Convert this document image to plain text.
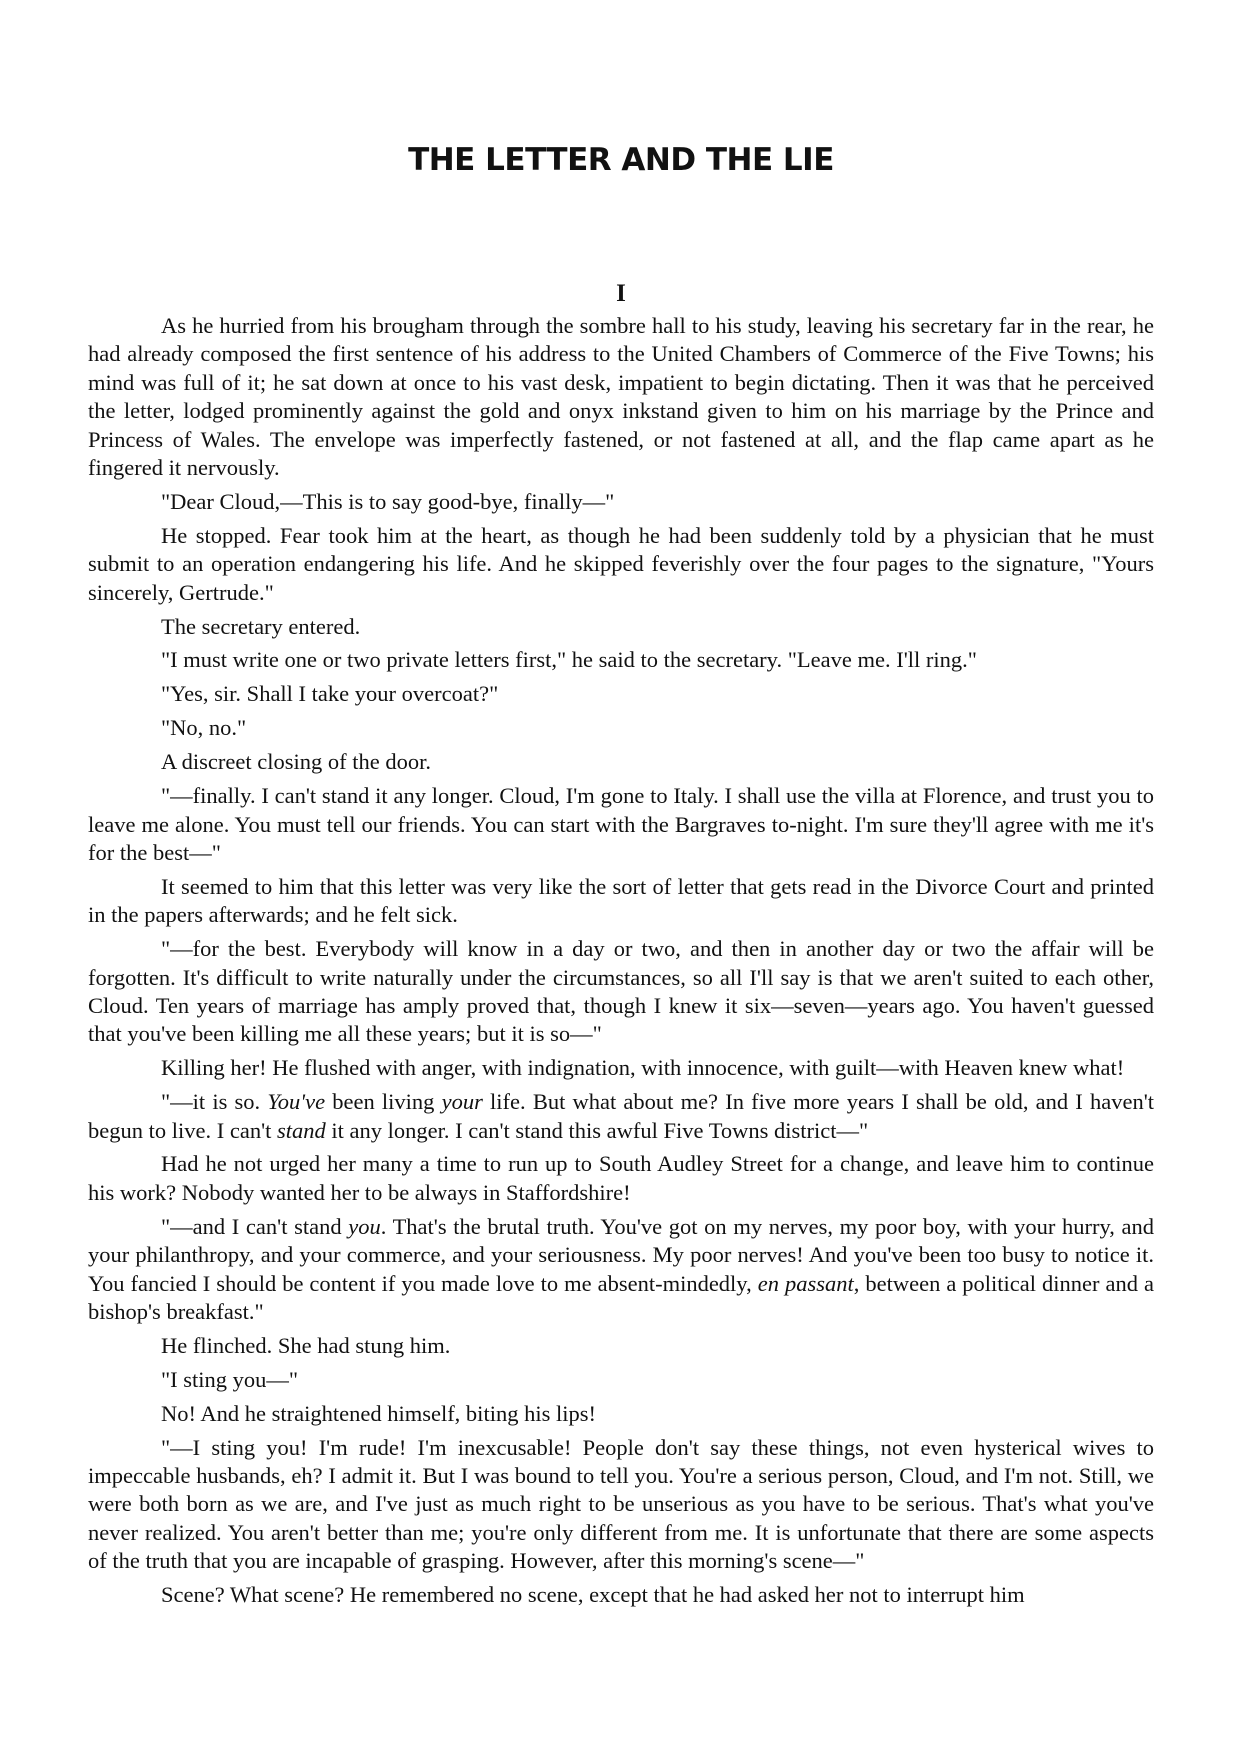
THE LETTER AND THE LIE
I

As he hurried from his brougham through the sombre hall to his study, leaving his secretary far in the rear, he had already composed the first sentence of his address to the United Chambers of Commerce of the Five Towns; his mind was full of it; he sat down at once to his vast desk, impatient to begin dictating. Then it was that he perceived the letter, lodged prominently against the gold and onyx inkstand given to him on his marriage by the Prince and Princess of Wales. The envelope was imperfectly fastened, or not fastened at all, and the flap came apart as he fingered it nervously.

"Dear Cloud,—This is to say good-bye, finally—"

He stopped. Fear took him at the heart, as though he had been suddenly told by a physician that he must submit to an operation endangering his life. And he skipped feverishly over the four pages to the signature, "Yours sincerely, Gertrude."

The secretary entered.

"I must write one or two private letters first," he said to the secretary. "Leave me. I'll ring."

"Yes, sir. Shall I take your overcoat?"

"No, no."

A discreet closing of the door.

"—finally. I can't stand it any longer. Cloud, I'm gone to Italy. I shall use the villa at Florence, and trust you to leave me alone. You must tell our friends. You can start with the Bargraves to-night. I'm sure they'll agree with me it's for the best—"

It seemed to him that this letter was very like the sort of letter that gets read in the Divorce Court and printed in the papers afterwards; and he felt sick.

"—for the best. Everybody will know in a day or two, and then in another day or two the affair will be forgotten. It's difficult to write naturally under the circumstances, so all I'll say is that we aren't suited to each other, Cloud. Ten years of marriage has amply proved that, though I knew it six—seven—years ago. You haven't guessed that you've been killing me all these years; but it is so—"

Killing her! He flushed with anger, with indignation, with innocence, with guilt—with Heaven knew what!

"—it is so. You've been living your life. But what about me? In five more years I shall be old, and I haven't begun to live. I can't stand it any longer. I can't stand this awful Five Towns district—"

Had he not urged her many a time to run up to South Audley Street for a change, and leave him to continue his work? Nobody wanted her to be always in Staffordshire!

"—and I can't stand you. That's the brutal truth. You've got on my nerves, my poor boy, with your hurry, and your philanthropy, and your commerce, and your seriousness. My poor nerves! And you've been too busy to notice it. You fancied I should be content if you made love to me absent-mindedly, en passant, between a political dinner and a bishop's breakfast."

He flinched. She had stung him.

"I sting you—"

No! And he straightened himself, biting his lips!

"—I sting you! I'm rude! I'm inexcusable! People don't say these things, not even hysterical wives to impeccable husbands, eh? I admit it. But I was bound to tell you. You're a serious person, Cloud, and I'm not. Still, we were both born as we are, and I've just as much right to be unserious as you have to be serious. That's what you've never realized. You aren't better than me; you're only different from me. It is unfortunate that there are some aspects of the truth that you are incapable of grasping. However, after this morning's scene—"

Scene? What scene? He remembered no scene, except that he had asked her not to interrupt him
